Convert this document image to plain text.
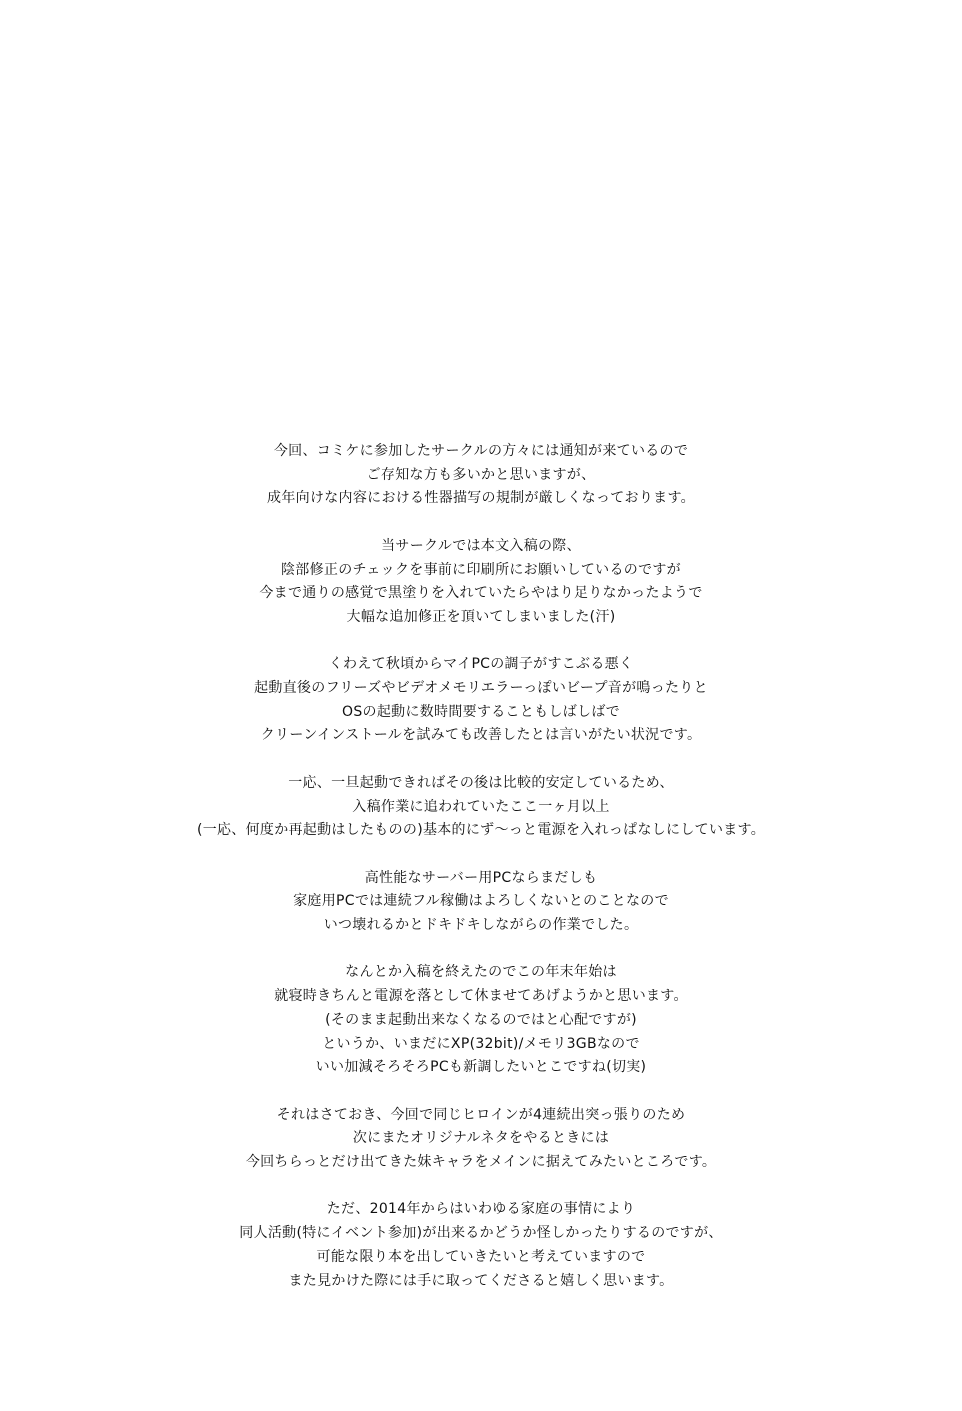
今回、コミケに参加したサークルの方々には通知が来ているので
ご存知な方も多いかと思いますが、
成年向けな内容における性器描写の規制が厳しくなっております。

当サークルでは本文入稿の際、
陰部修正のチェックを事前に印刷所にお願いしているのですが
今まで通りの感覚で黒塗りを入れていたらやはり足りなかったようで
大幅な追加修正を頂いてしまいました(汗)

くわえて秋頃からマイPCの調子がすこぶる悪く
起動直後のフリーズやビデオメモリエラーっぽいビープ音が鳴ったりと
OSの起動に数時間要することもしばしばで
クリーンインストールを試みても改善したとは言いがたい状況です。

一応、一旦起動できればその後は比較的安定しているため、
入稿作業に追われていたここ一ヶ月以上
(一応、何度か再起動はしたものの)基本的にず～っと電源を入れっぱなしにしています。

高性能なサーバー用PCならまだしも
家庭用PCでは連続フル稼働はよろしくないとのことなので
いつ壊れるかとドキドキしながらの作業でした。

なんとか入稿を終えたのでこの年末年始は
就寝時きちんと電源を落として休ませてあげようかと思います。
(そのまま起動出来なくなるのではと心配ですが)
というか、いまだにXP(32bit)/メモリ3GBなので
いい加減そろそろPCも新調したいとこですね(切実)

それはさておき、今回で同じヒロインが4連続出突っ張りのため
次にまたオリジナルネタをやるときには
今回ちらっとだけ出てきた妹キャラをメインに据えてみたいところです。

ただ、2014年からはいわゆる家庭の事情により
同人活動(特にイベント参加)が出来るかどうか怪しかったりするのですが、
可能な限り本を出していきたいと考えていますので
また見かけた際には手に取ってくださると嬉しく思います。
